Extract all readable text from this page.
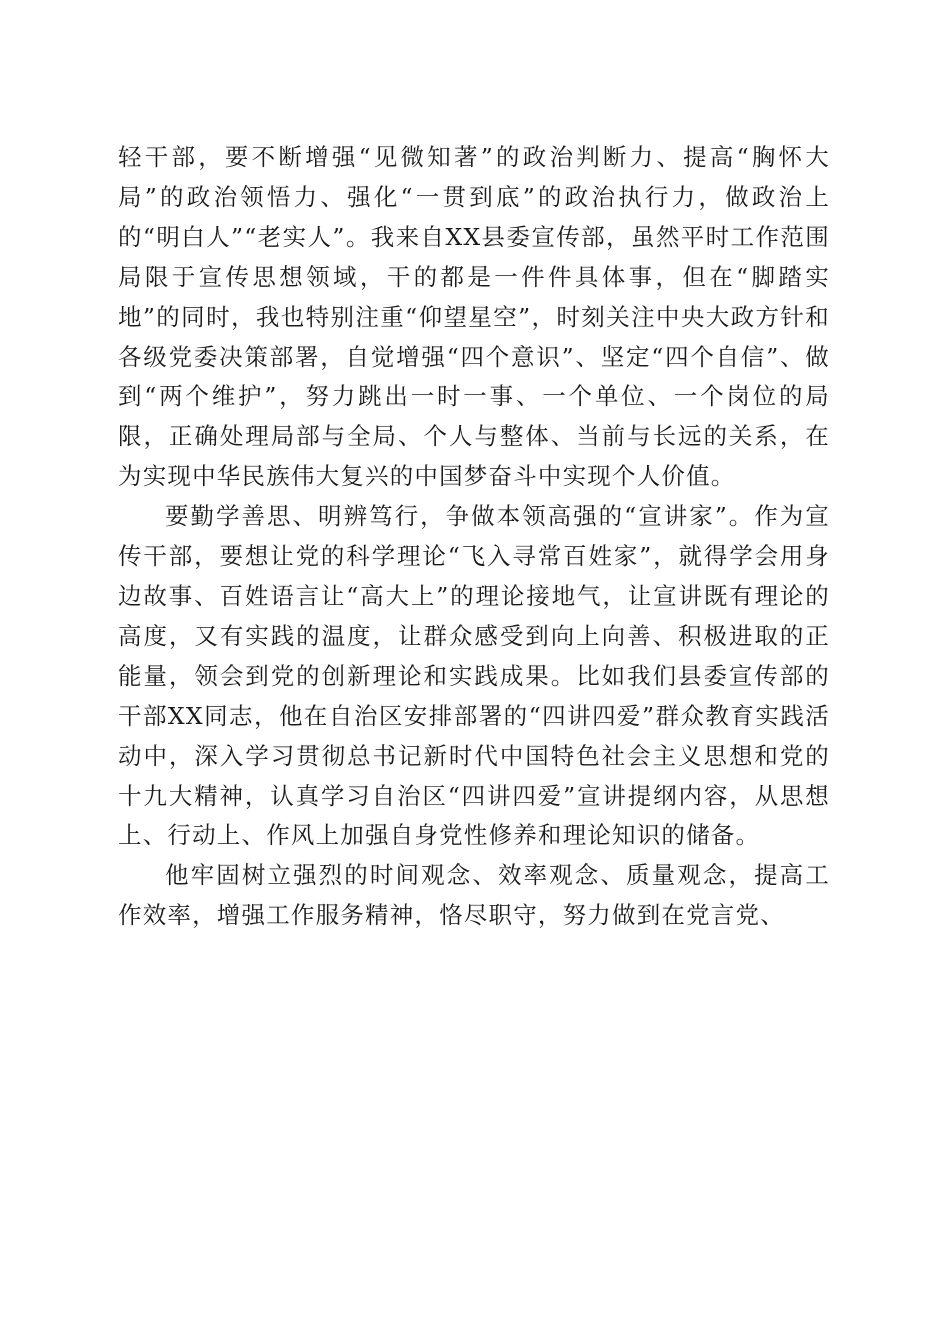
轻干部，要不断增强“见微知著”的政治判断力、提高“胸怀大局”的政治领悟力、强化“一贯到底”的政治执行力，做政治上的“明白人”“老实人”。我来自XX县委宣传部，虽然平时工作范围局限于宣传思想领域，干的都是一件件具体事，但在“脚踏实地”的同时，我也特别注重“仰望星空”，时刻关注中央大政方针和各级党委决策部署，自觉增强“四个意识”、坚定“四个自信”、做到“两个维护”，努力跳出一时一事、一个单位、一个岗位的局限，正确处理局部与全局、个人与整体、当前与长远的关系，在为实现中华民族伟大复兴的中国梦奋斗中实现个人价值。

要勤学善思、明辨笃行，争做本领高强的“宣讲家”。作为宣传干部，要想让党的科学理论“飞入寻常百姓家”，就得学会用身边故事、百姓语言让“高大上”的理论接地气，让宣讲既有理论的高度，又有实践的温度，让群众感受到向上向善、积极进取的正能量，领会到党的创新理论和实践成果。比如我们县委宣传部的干部XX同志，他在自治区安排部署的“四讲四爱”群众教育实践活动中，深入学习贯彻总书记新时代中国特色社会主义思想和党的十九大精神，认真学习自治区“四讲四爱”宣讲提纲内容，从思想上、行动上、作风上加强自身党性修养和理论知识的储备。

他牢固树立强烈的时间观念、效率观念、质量观念，提高工作效率，增强工作服务精神，恪尽职守，努力做到在党言党、
